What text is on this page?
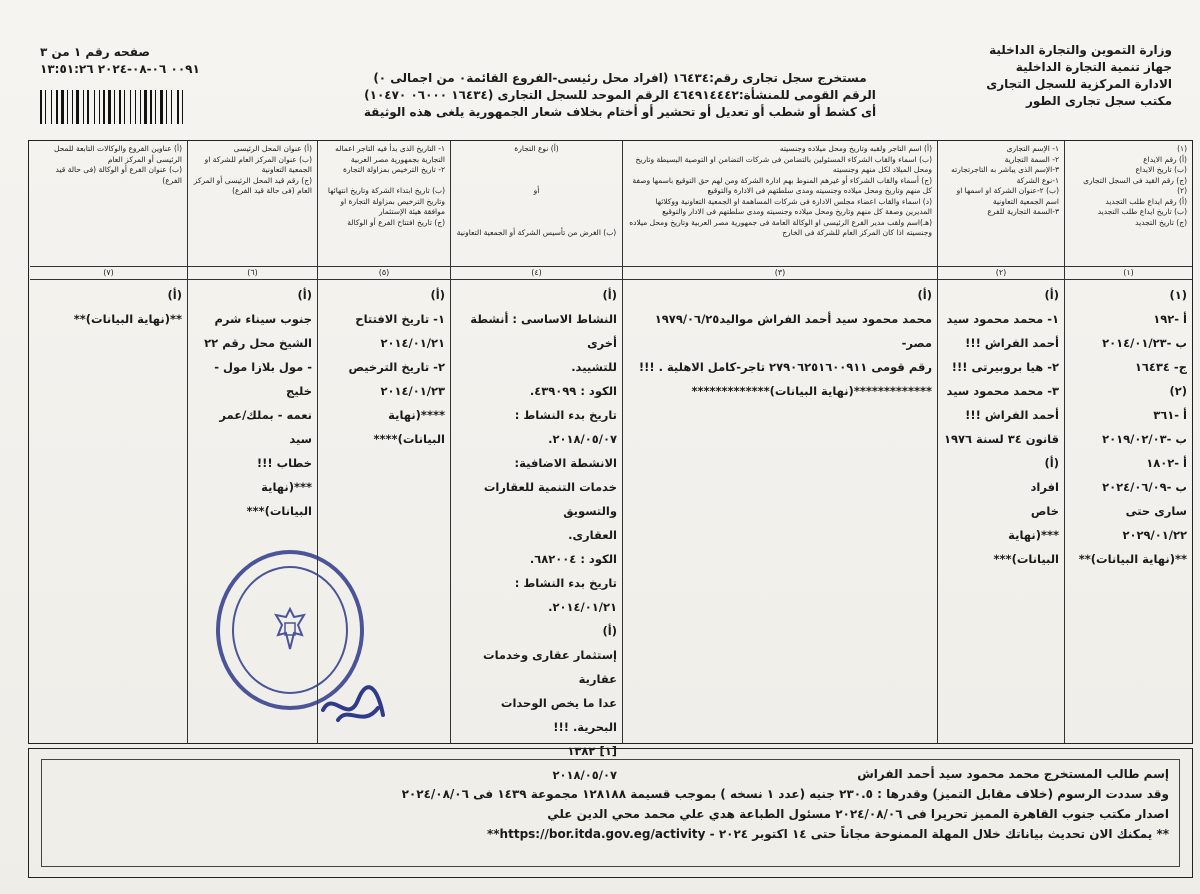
وزارة التموين والتجارة الداخلية
جهاز تنمية التجارة الداخلية
الادارة المركزية للسجل التجارى
مكتب سجل تجارى الطور
مستخرج سجل تجارى رقم:١٦٤٣٤ (افراد محل رئيسى-الفروع القائمة٠ من اجمالى ٠)
الرقم القومى للمنشأة:٤٦٤٩١٤٤٤٢ الرقم الموحد للسجل التجارى (١٦٤٣٤ ٠٦٠٠٠ ١٠٤٧٠)
أى كشط أو شطب أو تعديل أو تحشير أو أختام بخلاف شعار الجمهورية يلغى هذه الوثيقة
صفحه رقم ١ من ٣
٠٠٩١ ٠٦-٠٨-٢٠٢٤ ١٣:٥١:٢٦
(١)
(أ) رقم الايداع
(ب) تاريخ الايداع
(ج) رقم القيد فى السجل التجارى
(٢)
(أ) رقم ايداع طلب التجديد
(ب) تاريخ ايداع طلب التجديد
(ج) تاريخ التجديد
(١)
(١)
أ -١٩٢
ب -٢٠١٤/٠١/٢٣
ج- ١٦٤٣٤
(٢)
أ -٣٦١
ب -٢٠١٩/٠٢/٠٣
أ -١٨٠٢
ب -٢٠٢٤/٠٦/٠٩
سارى حتى
٢٠٢٩/٠١/٢٢
**(نهاية البيانات)**
١- الإسم التجارى
٢- السمة التجارية
٣-الإسم الذى يباشر به التاجرتجارته
١-نوع الشركة
(ب) ٢-عنوان الشركة او اسمها او اسم الجمعية التعاونية
٣-السمة التجارية للفرع
(٢)
(أ)
١- محمد محمود سيد
أحمد الفراش !!!
٢- هيا بروبيرتى !!!
٣- محمد محمود سيد
أحمد الفراش !!!
قانون ٣٤ لسنة ١٩٧٦
(أ)
افراد
خاص
***(نهاية البيانات)***
(أ) اسم التاجر ولقبه وتاريخ ومحل ميلاده وجنسيته
(ب) اسماء والقاب الشركاء المسئولين بالتضامن فى شركات التضامن او التوصية البسيطة وتاريخ ومحل الميلاد لكل منهم وجنسيته
(ج) أسماء والقاب الشركاء أو غيرهم المنوط بهم ادارة الشركة ومن لهم حق التوقيع باسمها وصفة كل منهم وتاريخ ومحل ميلاده وجنسيته ومدى سلطتهم فى الادارة والتوقيع
(د) اسماء والقاب اعضاء مجلس الادارة فى شركات المساهمة او الجمعية التعاونية ووكلائها المديرين وصفة كل منهم وتاريخ ومحل ميلاده وجنسيته ومدى سلطتهم فى الادار والتوقيع
(هـ)اسم ولقب مدير الفرع الرئيسى او الوكالة العامة فى جمهورية مصر العربية وتاريخ ومحل ميلاده وجنسيته اذا كان المركز العام للشركة فى الخارج
(٣)
(أ)
محمد محمود سيد أحمد الفراش مواليد١٩٧٩/٠٦/٢٥ مصر-
رقم قومى ٢٧٩٠٦٢٥١٦٠٠٩١١ تاجر-كامل الاهلية . !!!
*************(نهاية البيانات)*************
(أ) نوع التجارة

أو

(ب) الغرض من تأسيس الشركة أو الجمعية التعاونية
(٤)
(أ)
النشاط الاساسى : أنشطة أخرى
للتشييد.
الكود : ٤٣٩٠٩٩.
تاريخ بدء النشاط :
٢٠١٨/٠٥/٠٧.
الانشطة الاضافية:
خدمات التنمية للعقارات والتسويق
العقارى.
الكود : ٦٨٢٠٠٤.
تاريخ بدء النشاط :
٢٠١٤/٠١/٢١.
(أ)
إستثمار عقارى وخدمات عقارية
عدا ما يخص الوحدات البحرية. !!!
[١] ١٣٨٢
٢٠١٨/٠٥/٠٧
١- التاريخ الذى بدأ فيه التاجر اعماله التجارية بجمهورية مصر العربية
٢- تاريخ الترخيص بمزاولة التجارة

(ب) تاريخ ابتداء الشركة وتاريخ انتهائها وتاريخ الترخيص بمزاولة التجارة او موافقة هيئة الإستثمار
(ج) تاريخ افتتاح الفرع أو الوكالة
(٥)
(أ)
١- تاريخ الافتتاح
٢٠١٤/٠١/٢١
٢- تاريخ الترخيص
٢٠١٤/٠١/٢٣
****(نهاية البيانات)****
(أ) عنوان المحل الرئيسى
(ب) عنوان المركز العام للشركة او الجمعية التعاونية
(ج) رقم قيد المحل الرئيسى أو المركز العام (فى حالة قيد الفرع)
(٦)
(أ)
جنوب سيناء شرم
الشيخ محل رقم ٢٢
- مول بلازا مول - خليج
نعمه - بملك/عمر سيد
خطاب !!!
***(نهاية البيانات)***
(أ) عناوين الفروع والوكالات التابعة للمحل الرئيسى أو المركز العام
(ب) عنوان الفرع أو الوكالة (فى حالة قيد الفرع)
(٧)
(أ)
**(نهاية البيانات)**
إسم طالب المستخرج محمد محمود سيد أحمد الفراش
وقد سددت الرسوم (خلاف مقابل التميز) وقدرها : ٢٣٠.٥ جنيه (عدد ١ نسخه ) بموجب قسيمة ١٢٨١٨٨ مجموعة ١٤٣٩ فى ٢٠٢٤/٠٨/٠٦
اصدار مكتب جنوب القاهرة المميز تحريرا فى ٢٠٢٤/٠٨/٠٦ مسئول الطباعة هدي علي محمد محي الدين علي
** يمكنك الان تحديث بياناتك خلال المهلة الممنوحة مجاناً حتى ١٤ اكتوبر ٢٠٢٤ - https://bor.itda.gov.eg/activity**
